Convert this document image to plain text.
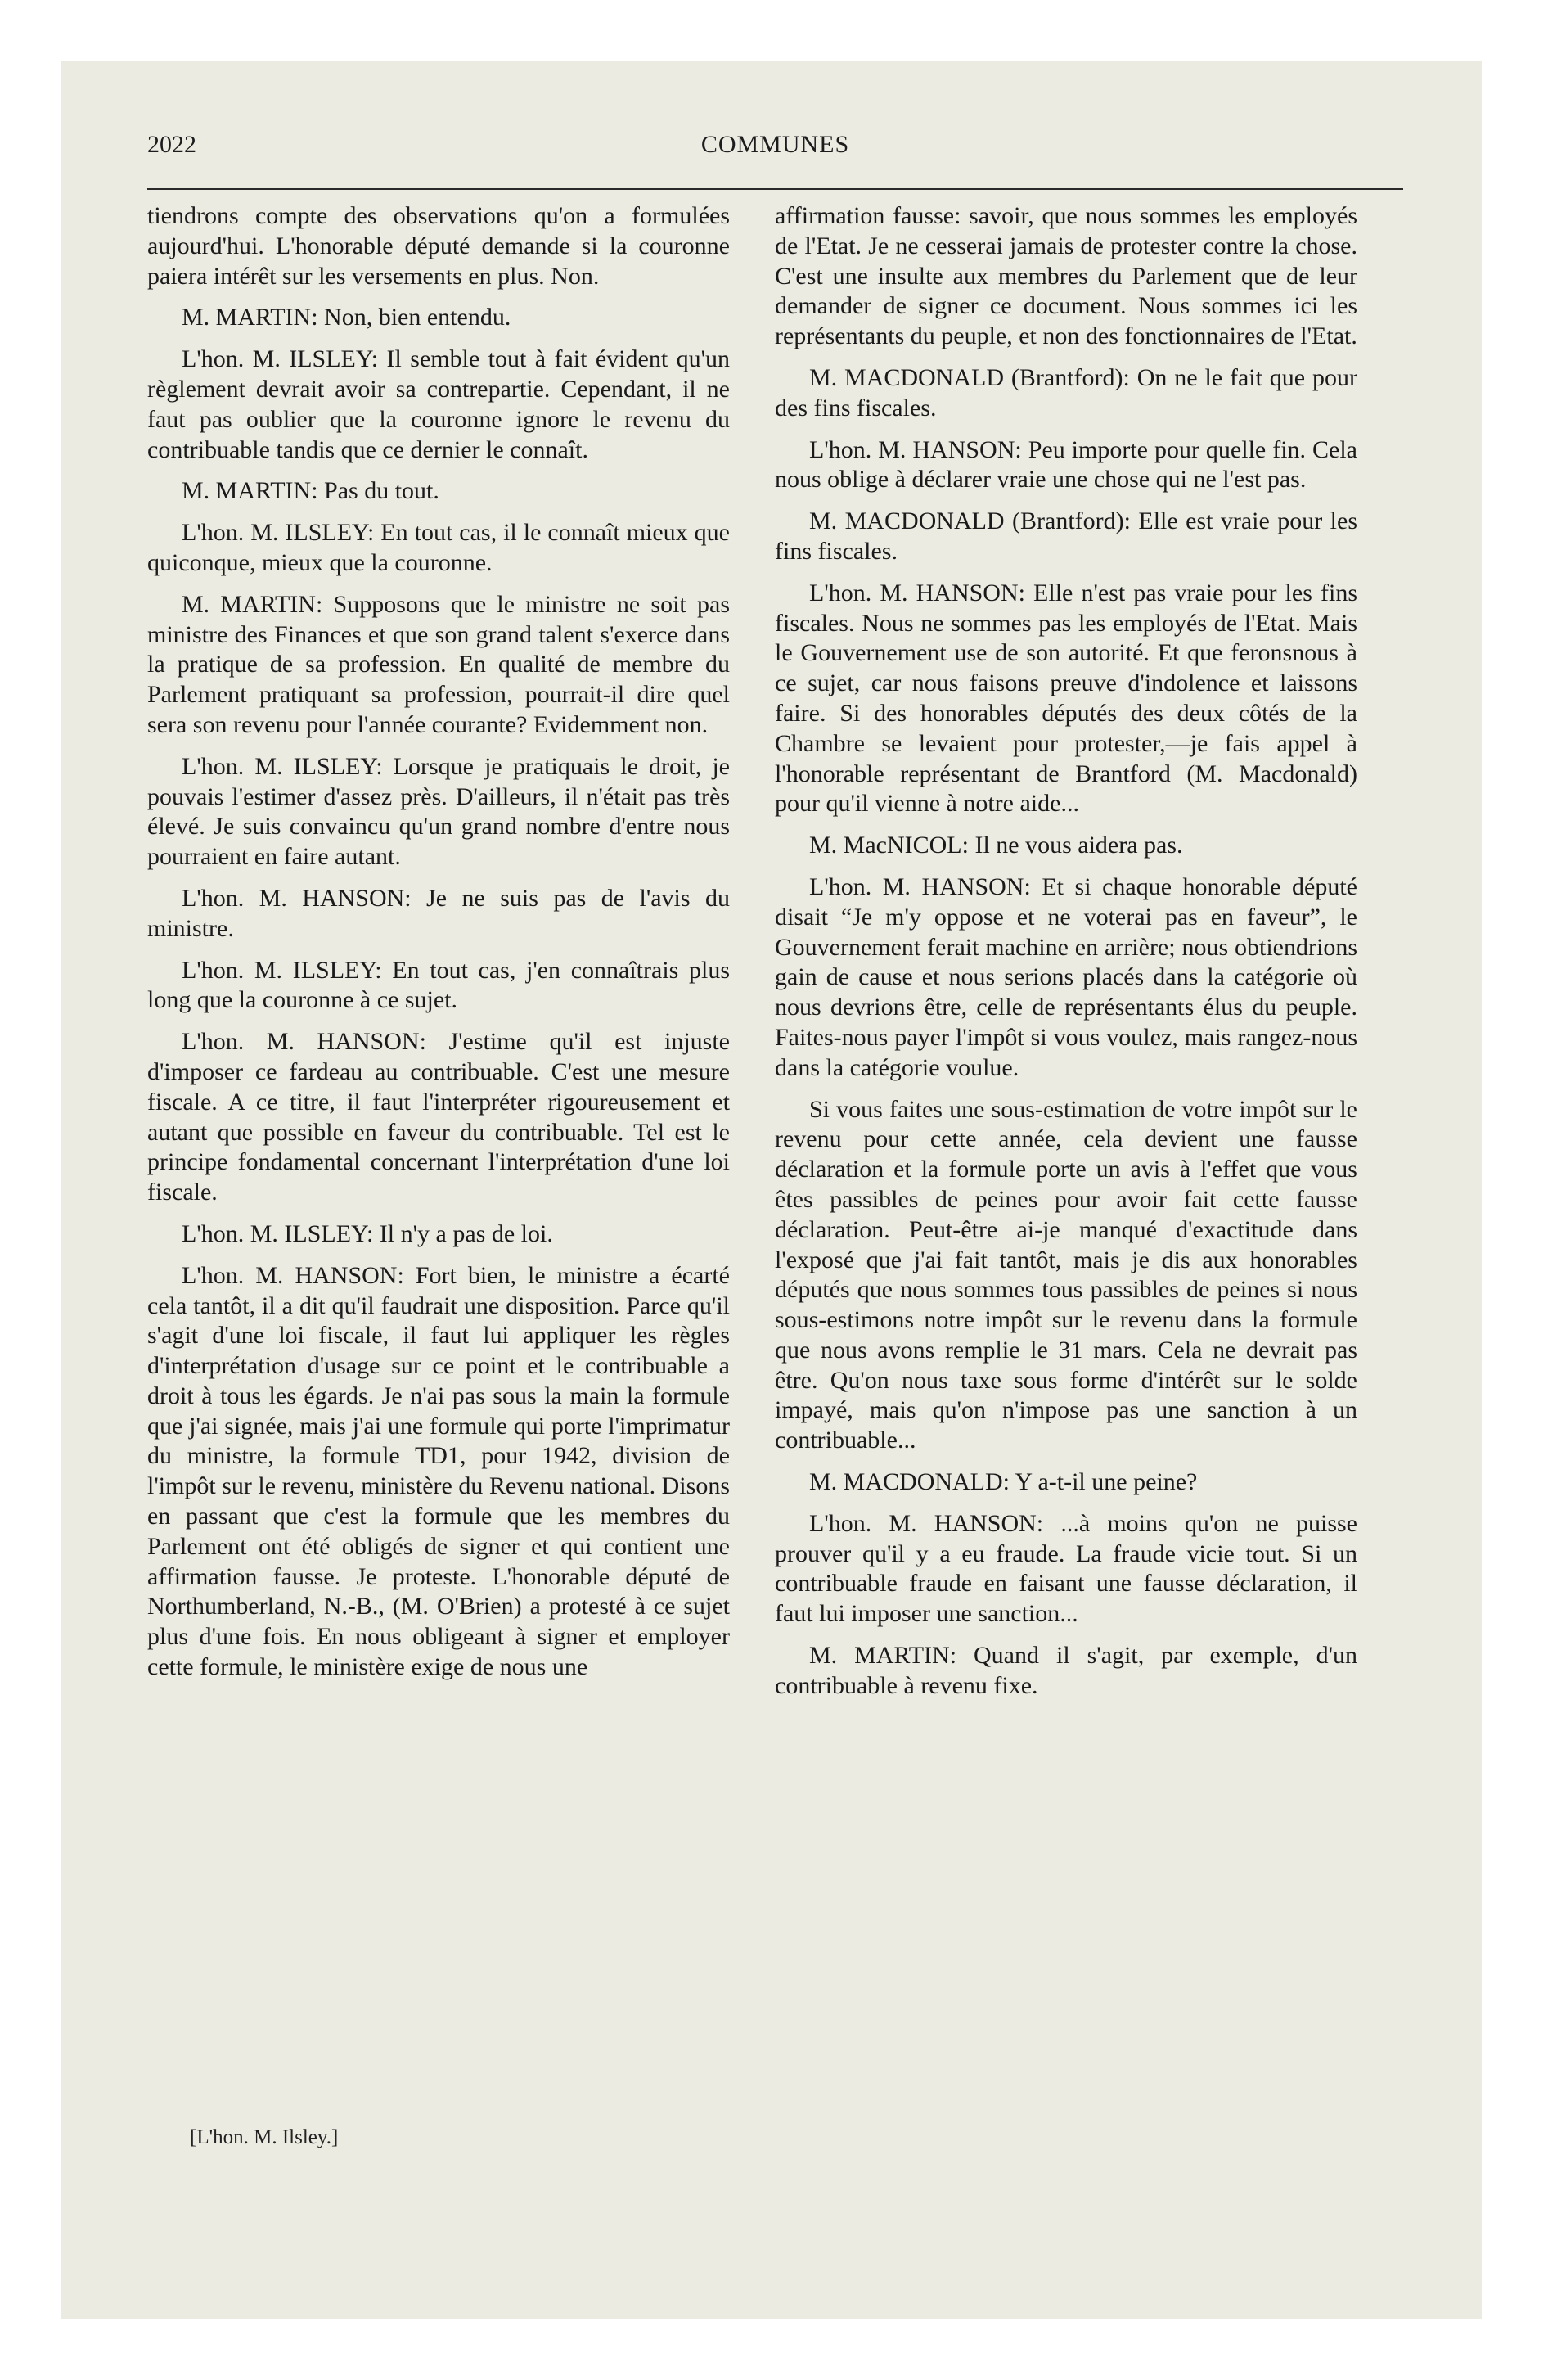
2022	COMMUNES

tiendrons compte des observations qu'on a formulées aujourd'hui. L'honorable député demande si la couronne paiera intérêt sur les versements en plus. Non.

M. MARTIN: Non, bien entendu.

L'hon. M. ILSLEY: Il semble tout à fait évident qu'un règlement devrait avoir sa contrepartie. Cependant, il ne faut pas oublier que la couronne ignore le revenu du contribuable tandis que ce dernier le connaît.

M. MARTIN: Pas du tout.

L'hon. M. ILSLEY: En tout cas, il le connaît mieux que quiconque, mieux que la couronne.

M. MARTIN: Supposons que le ministre ne soit pas ministre des Finances et que son grand talent s'exerce dans la pratique de sa profession. En qualité de membre du Parlement pratiquant sa profession, pourrait-il dire quel sera son revenu pour l'année courante? Evidemment non.

L'hon. M. ILSLEY: Lorsque je pratiquais le droit, je pouvais l'estimer d'assez près. D'ailleurs, il n'était pas très élevé. Je suis convaincu qu'un grand nombre d'entre nous pourraient en faire autant.

L'hon. M. HANSON: Je ne suis pas de l'avis du ministre.

L'hon. M. ILSLEY: En tout cas, j'en connaîtrais plus long que la couronne à ce sujet.

L'hon. M. HANSON: J'estime qu'il est injuste d'imposer ce fardeau au contribuable. C'est une mesure fiscale. A ce titre, il faut l'interpréter rigoureusement et autant que possible en faveur du contribuable. Tel est le principe fondamental concernant l'interprétation d'une loi fiscale.

L'hon. M. ILSLEY: Il n'y a pas de loi.

L'hon. M. HANSON: Fort bien, le ministre a écarté cela tantôt, il a dit qu'il faudrait une disposition. Parce qu'il s'agit d'une loi fiscale, il faut lui appliquer les règles d'interprétation d'usage sur ce point et le contribuable a droit à tous les égards. Je n'ai pas sous la main la formule que j'ai signée, mais j'ai une formule qui porte l'imprimatur du ministre, la formule TD1, pour 1942, division de l'impôt sur le revenu, ministère du Revenu national. Disons en passant que c'est la formule que les membres du Parlement ont été obligés de signer et qui contient une affirmation fausse. Je proteste. L'honorable député de Northumberland, N.-B., (M. O'Brien) a protesté à ce sujet plus d'une fois. En nous obligeant à signer et employer cette formule, le ministère exige de nous une

[L'hon. M. Ilsley.]

affirmation fausse: savoir, que nous sommes les employés de l'Etat. Je ne cesserai jamais de protester contre la chose. C'est une insulte aux membres du Parlement que de leur demander de signer ce document. Nous sommes ici les représentants du peuple, et non des fonctionnaires de l'Etat.

M. MACDONALD (Brantford): On ne le fait que pour des fins fiscales.

L'hon. M. HANSON: Peu importe pour quelle fin. Cela nous oblige à déclarer vraie une chose qui ne l'est pas.

M. MACDONALD (Brantford): Elle est vraie pour les fins fiscales.

L'hon. M. HANSON: Elle n'est pas vraie pour les fins fiscales. Nous ne sommes pas les employés de l'Etat. Mais le Gouvernement use de son autorité. Et que feronsnous à ce sujet, car nous faisons preuve d'indolence et laissons faire. Si des honorables députés des deux côtés de la Chambre se levaient pour protester,—je fais appel à l'honorable représentant de Brantford (M. Macdonald) pour qu'il vienne à notre aide...

M. MacNICOL: Il ne vous aidera pas.

L'hon. M. HANSON: Et si chaque honorable député disait “Je m'y oppose et ne voterai pas en faveur”, le Gouvernement ferait machine en arrière; nous obtiendrions gain de cause et nous serions placés dans la catégorie où nous devrions être, celle de représentants élus du peuple. Faites-nous payer l'impôt si vous voulez, mais rangez-nous dans la catégorie voulue.

Si vous faites une sous-estimation de votre impôt sur le revenu pour cette année, cela devient une fausse déclaration et la formule porte un avis à l'effet que vous êtes passibles de peines pour avoir fait cette fausse déclaration. Peut-être ai-je manqué d'exactitude dans l'exposé que j'ai fait tantôt, mais je dis aux honorables députés que nous sommes tous passibles de peines si nous sous-estimons notre impôt sur le revenu dans la formule que nous avons remplie le 31 mars. Cela ne devrait pas être. Qu'on nous taxe sous forme d'intérêt sur le solde impayé, mais qu'on n'impose pas une sanction à un contribuable...

M. MACDONALD: Y a-t-il une peine?

L'hon. M. HANSON: ...à moins qu'on ne puisse prouver qu'il y a eu fraude. La fraude vicie tout. Si un contribuable fraude en faisant une fausse déclaration, il faut lui imposer une sanction...

M. MARTIN: Quand il s'agit, par exemple, d'un contribuable à revenu fixe.
